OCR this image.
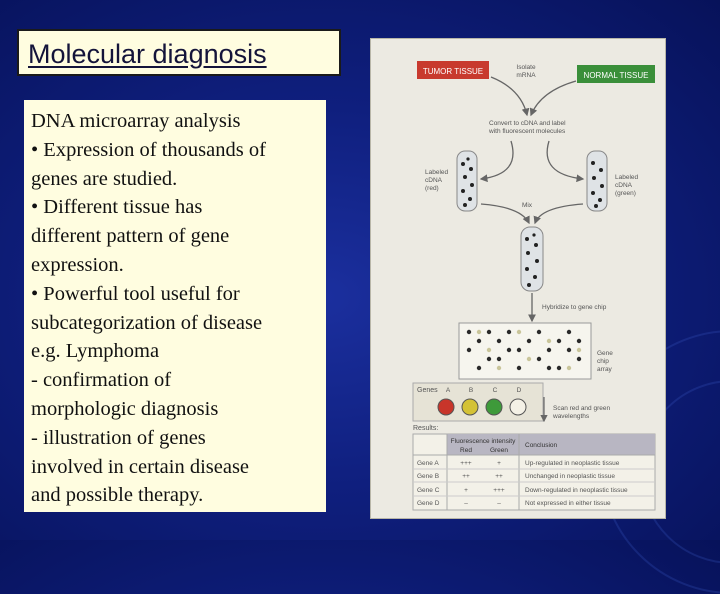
Molecular diagnosis
DNA microarray analysis
• Expression of thousands of
genes are studied.
• Different tissue has
different pattern of gene
expression.
• Powerful tool useful for
subcategorization of disease
e.g. Lymphoma
- confirmation of
morphologic diagnosis
- illustration of genes
involved in certain disease
and possible therapy.
TUMOR TISSUE	NORMAL TISSUE
Isolate
mRNA
Convert to cDNA and label
with fluorescent molecules
Labeled
cDNA
(red)
Labeled
cDNA
(green)
Mix
Hybridize to gene chip
Gene
chip
array
Genes A	B	C	D
Scan red and green
wavelengths
Results:
Fluorescence intensity
Red	Green
Conclusion
Gene A	+++	+	Up-regulated in neoplastic tissue
Gene B	++	++	Unchanged in neoplastic tissue
Gene C	+	+++	Down-regulated in neoplastic tissue
Gene D	–	–	Not expressed in either tissue
